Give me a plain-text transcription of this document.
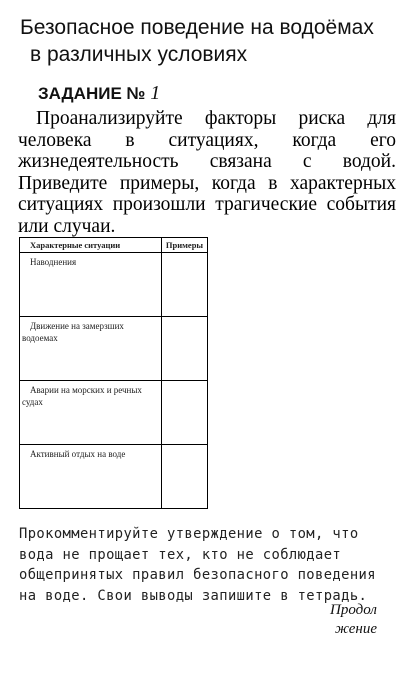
Безопасное поведение на водоёмах
в различных условиях
ЗАДАНИЕ № 1
Проанализируйте факторы риска для человека в ситуациях, когда его жизнедеятельность связана с водой. Приведите примеры, когда в характерных ситуациях произошли трагические события или случаи.
Характерные ситуации	Примеры

Наводнения	

Движение на замерзших водоемах	

Аварии на морских и речных судах	

Активный отдых на воде	

Прокомментируйте утверждение о том, что вода не прощает тех, кто не соблюдает общепринятых правил безопасного поведения на воде. Свои выводы запишите в тетрадь.

Продол
жение
